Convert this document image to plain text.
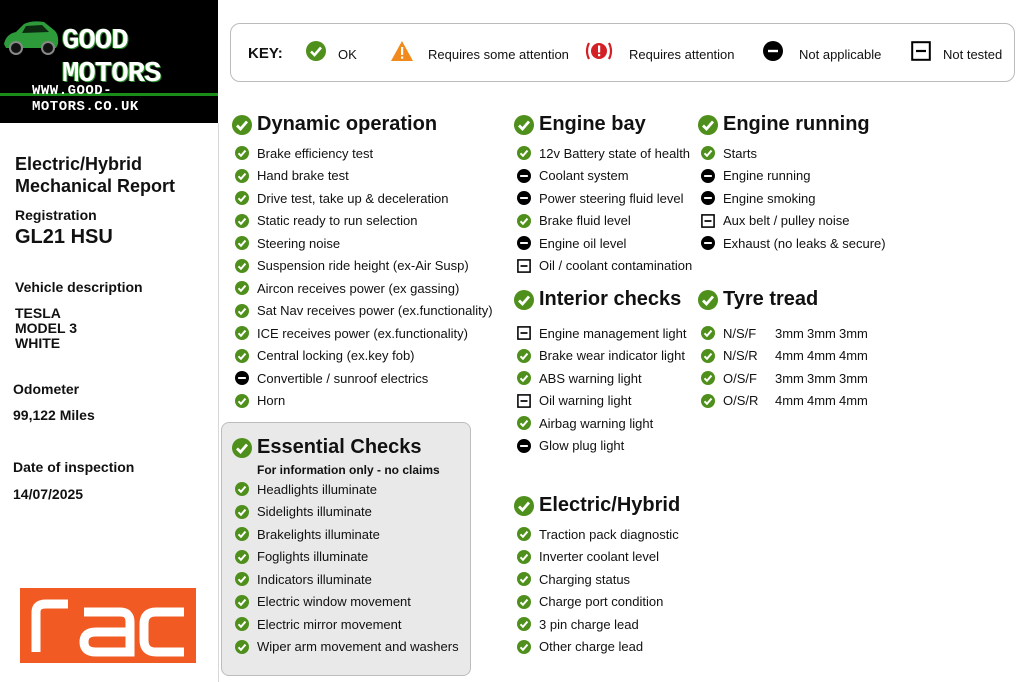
GOOD MOTORS
WWW.GOOD-MOTORS.CO.UK
Electric/Hybrid
Mechanical Report
Registration
GL21 HSU
Vehicle description
TESLA
MODEL 3
WHITE
Odometer
99,122 Miles
Date of inspection
14/07/2025
KEY:	OK	Requires some attention	Requires attention	Not applicable	Not tested
Dynamic operation
Brake efficiency test
Hand brake test
Drive test, take up & deceleration
Static ready to run selection
Steering noise
Suspension ride height (ex-Air Susp)
Aircon receives power (ex gassing)
Sat Nav receives power (ex.functionality)
ICE receives power (ex.functionality)
Central locking (ex.key fob)
Convertible / sunroof electrics
Horn
Essential Checks
For information only - no claims
Headlights illuminate
Sidelights illuminate
Brakelights illuminate
Foglights illuminate
Indicators illuminate
Electric window movement
Electric mirror movement
Wiper arm movement and washers
Engine bay
12v Battery state of health
Coolant system
Power steering fluid level
Brake fluid level
Engine oil level
Oil / coolant contamination
Interior checks
Engine management light
Brake wear indicator light
ABS warning light
Oil warning light
Airbag warning light
Glow plug light
Electric/Hybrid
Traction pack diagnostic
Inverter coolant level
Charging status
Charge port condition
3 pin charge lead
Other charge lead
Engine running
Starts
Engine running
Engine smoking
Aux belt / pulley noise
Exhaust (no leaks & secure)
Tyre tread
N/S/F	3mm 3mm 3mm
N/S/R	4mm 4mm 4mm
O/S/F	3mm 3mm 3mm
O/S/R	4mm 4mm 4mm
